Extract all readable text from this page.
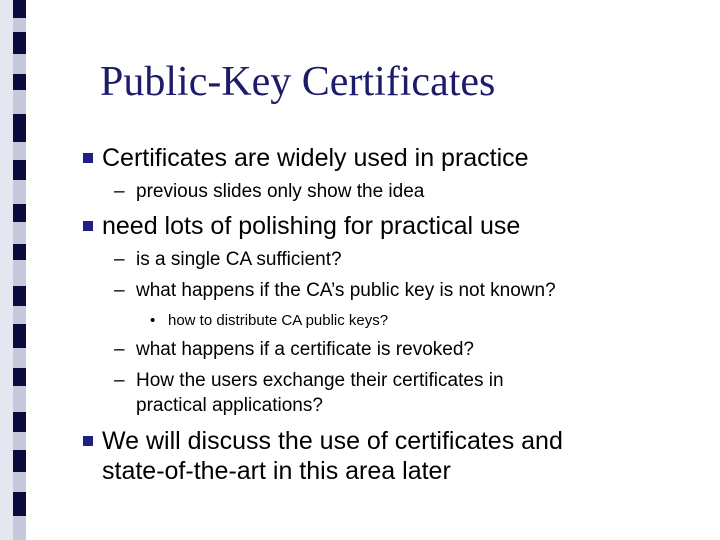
Public-Key Certificates
Certificates are widely used in practice
– previous slides only show the idea
need lots of polishing for practical use
– is a single CA sufficient?
– what happens if the CA’s public key is not known?
• how to distribute CA public keys?
– what happens if a certificate is revoked?
– How the users exchange their certificates in
practical applications?
We will discuss the use of certificates and
state-of-the-art in this area later
